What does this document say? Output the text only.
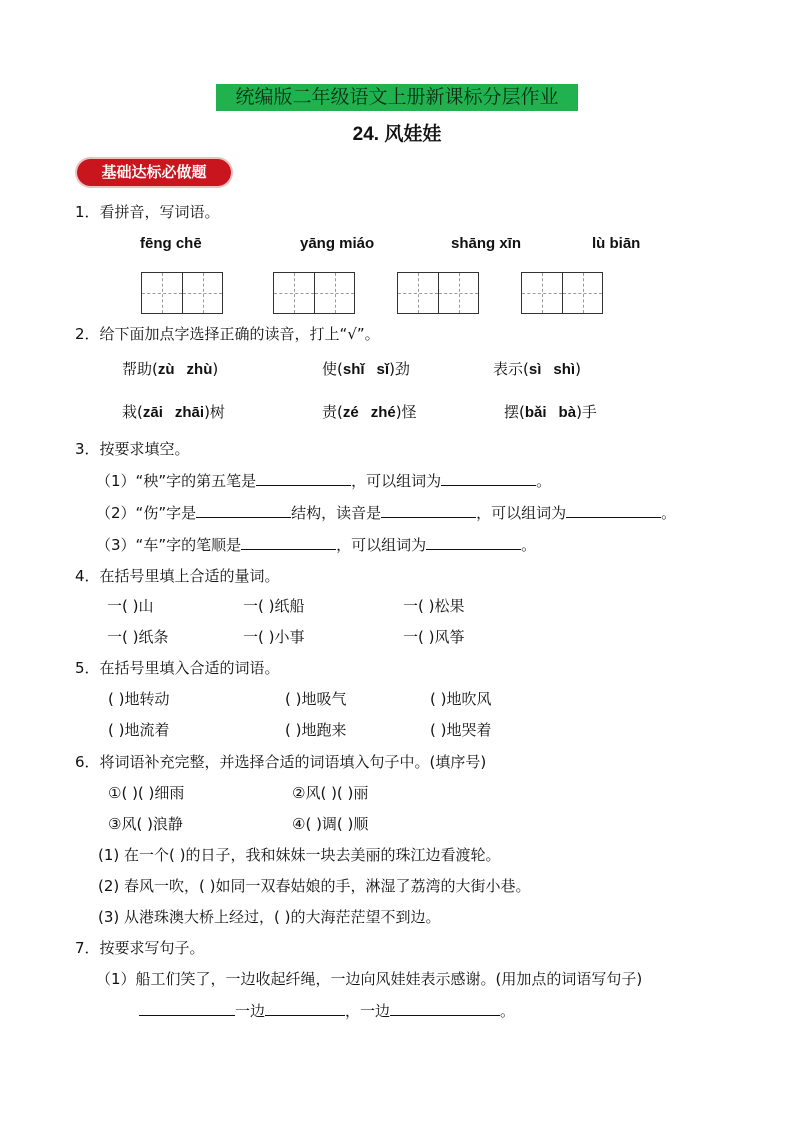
统编版二年级语文上册新课标分层作业
24. 风娃娃
基础达标必做题
1．看拼音，写词语。
fēng chē	yāng miáo	shāng xīn	lù biān
2．给下面加点字选择正确的读音，打上“√”。
帮助(zù zhù)	使(shǐ sǐ)劲	表示(sì shì)
栽(zāi zhāi)树	责(zé zhé)怪	摆(bǎi bà)手
3．按要求填空。
（1）“秧”字的第五笔是	，可以组词为	。
（2）“伤”字是	结构，读音是	，可以组词为	。
（3）“车”字的笔顺是	，可以组词为	。
4．在括号里填上合适的量词。
一( )山	一( )纸船	一( )松果
一( )纸条	一( )小事	一( )风筝
5．在括号里填入合适的词语。
( )地转动	( )地吸气	( )地吹风
( )地流着	( )地跑来	( )地哭着
6．将词语补充完整，并选择合适的词语填入句子中。(填序号)
①( )( )细雨	②风( )( )丽
③风( )浪静	④( )调( )顺
(1) 在一个( )的日子，我和妹妹一块去美丽的珠江边看渡轮。
(2) 春风一吹，( )如同一双春姑娘的手，淋湿了荔湾的大街小巷。
(3) 从港珠澳大桥上经过，( )的大海茫茫望不到边。
7．按要求写句子。
（1）船工们笑了，一边收起纤绳，一边向风娃娃表示感谢。(用加点的词语写句子)
一边	，一边	。
